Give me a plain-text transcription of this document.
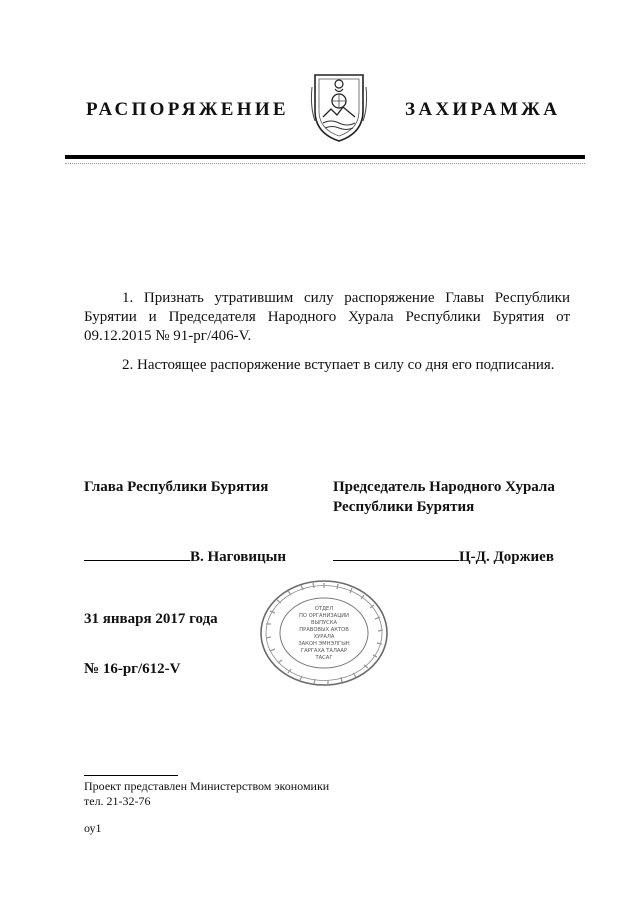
РАСПОРЯЖЕНИЕ	ЗАХИРАМЖА

1. Признать утратившим силу распоряжение Главы Республики Бурятии и Председателя Народного Хурала Республики Бурятия от 09.12.2015 № 91-рг/406-V.

2. Настоящее распоряжение вступает в силу со дня его подписания.

Глава Республики Бурятия	Председатель Народного Хурала
Республики Бурятия
В. Наговицын	Ц-Д. Доржиев
31 января 2017 года
№ 16-рг/612-V
ОТДЕЛ
ПО ОРГАНИЗАЦИИ
ВЫПУСКА
ПРАВОВЫХ АКТОВ
ХУРАЛА
ЗАКОН ЭМНЭЛГЫН
ГАРГАХА ТАЛААР
ТАСАГ
Проект представлен Министерством экономики
тел. 21-32-76
оу1
